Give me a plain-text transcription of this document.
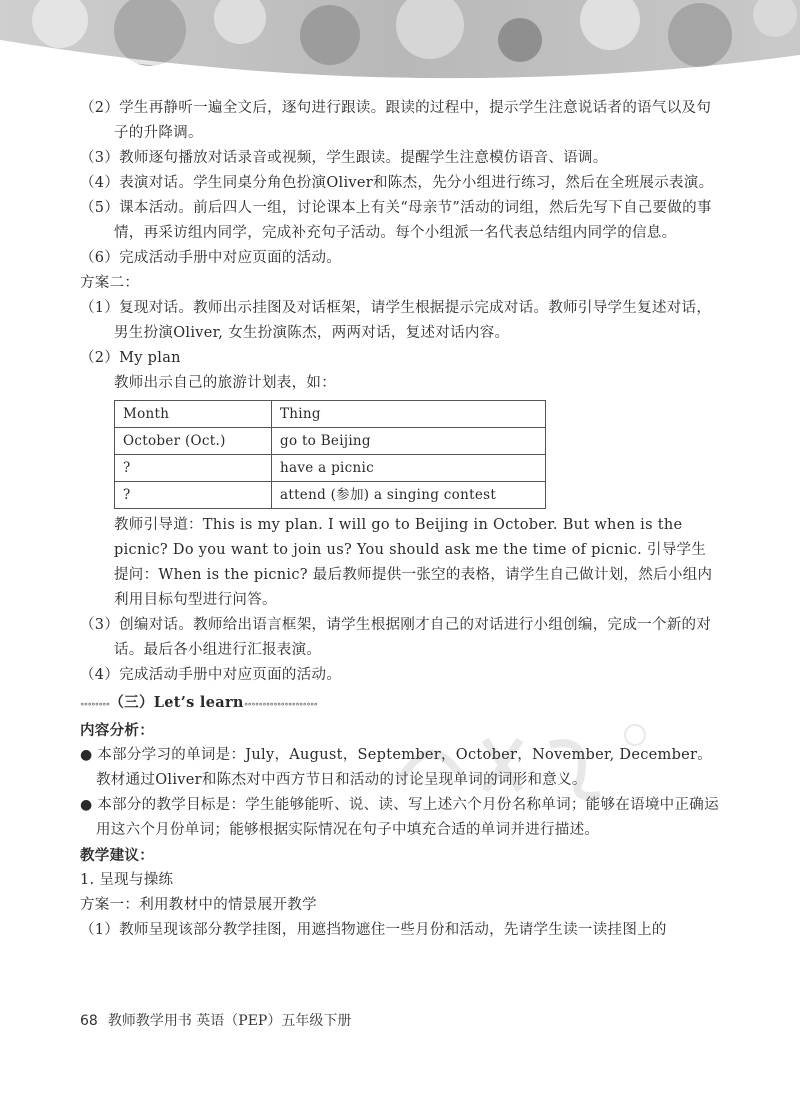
（2）学生再静听一遍全文后，逐句进行跟读。跟读的过程中，提示学生注意说话者的语气以及句子的升降调。
（3）教师逐句播放对话录音或视频，学生跟读。提醒学生注意模仿语音、语调。
（4）表演对话。学生同桌分角色扮演Oliver和陈杰，先分小组进行练习，然后在全班展示表演。
（5）课本活动。前后四人一组，讨论课本上有关“母亲节”活动的词组，然后先写下自己要做的事情，再采访组内同学，完成补充句子活动。每个小组派一名代表总结组内同学的信息。
（6）完成活动手册中对应页面的活动。
方案二：
（1）复现对话。教师出示挂图及对话框架，请学生根据提示完成对话。教师引导学生复述对话，男生扮演Oliver, 女生扮演陈杰，两两对话，复述对话内容。
（2）My plan
教师出示自己的旅游计划表，如：
Month	Thing
October (Oct.)	go to Beijing
?	have a picnic
?	attend (参加) a singing contest
教师引导道：This is my plan. I will go to Beijing in October. But when is the picnic? Do you want to join us? You should ask me the time of picnic. 引导学生提问：When is the picnic? 最后教师提供一张空的表格，请学生自己做计划，然后小组内利用目标句型进行问答。
（3）创编对话。教师给出语言框架，请学生根据刚才自己的对话进行小组创编，完成一个新的对话。最后各小组进行汇报表演。
（4）完成活动手册中对应页面的活动。
∘∘∘∘∘∘∘∘（三）Let’s learn∘∘∘∘∘∘∘∘∘∘∘∘∘∘∘∘∘∘∘∘
内容分析：
● 本部分学习的单词是：July，August，September，October，November, December。教材通过Oliver和陈杰对中西方节日和活动的讨论呈现单词的词形和意义。
● 本部分的教学目标是：学生能够能听、说、读、写上述六个月份名称单词；能够在语境中正确运用这六个月份单词；能够根据实际情况在句子中填充合适的单词并进行描述。
教学建议：
1. 呈现与操练
方案一：利用教材中的情景展开教学
（1）教师呈现该部分教学挂图，用遮挡物遮住一些月份和活动，先请学生读一读挂图上的
68 教师教学用书 英语（PEP）五年级下册
